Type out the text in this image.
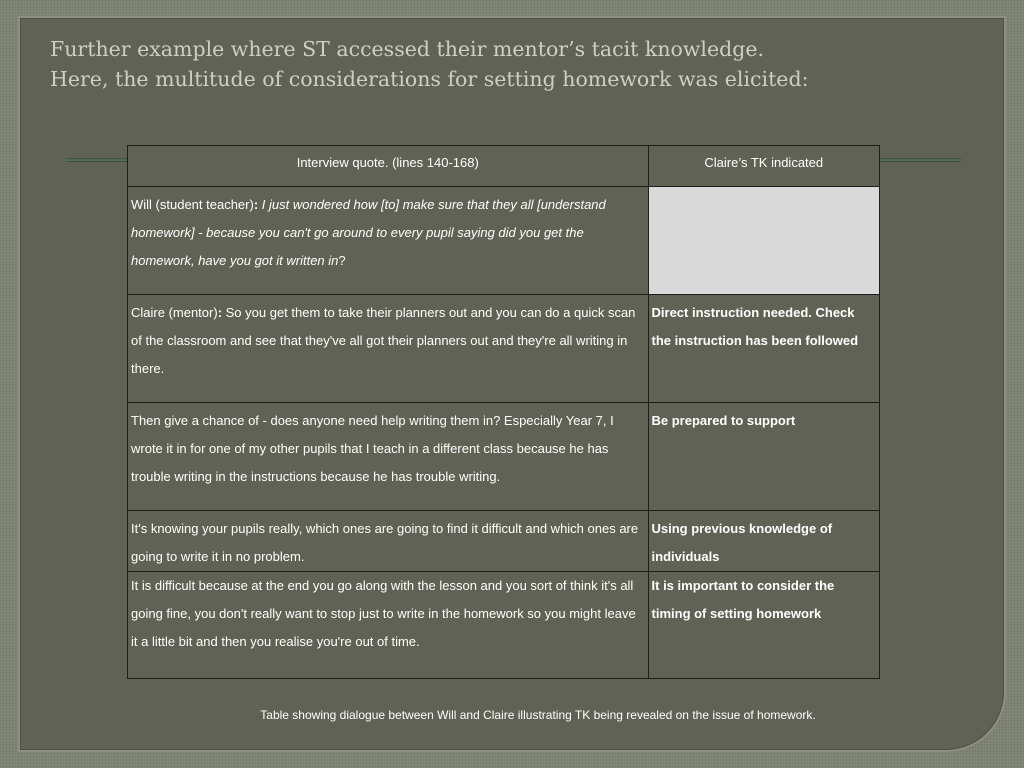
Further example where ST accessed their mentor’s tacit knowledge.
Here, the multitude of considerations for setting homework was elicited:
Interview quote. (lines 140-168)	Claire’s TK indicated
Will (student teacher): I just wondered how [to] make sure that they all [understand homework] - because you can't go around to every pupil saying did you get the homework, have you got it written in?	
Claire (mentor): So you get them to take their planners out and you can do a quick scan of the classroom and see that they've all got their planners out and they're all writing in there.	Direct instruction needed. Check the instruction has been followed
Then give a chance of - does anyone need help writing them in? Especially Year 7, I wrote it in for one of my other pupils that I teach in a different class because he has trouble writing in the instructions because he has trouble writing.	Be prepared to support
It's knowing your pupils really, which ones are going to find it difficult and which ones are going to write it in no problem.	Using previous knowledge of individuals
It is difficult because at the end you go along with the lesson and you sort of think it's all going fine, you don't really want to stop just to write in the homework so you might leave it a little bit and then you realise you're out of time.	It is important to consider the timing of setting homework
Table showing dialogue between Will and Claire illustrating TK being revealed on the issue of homework.
